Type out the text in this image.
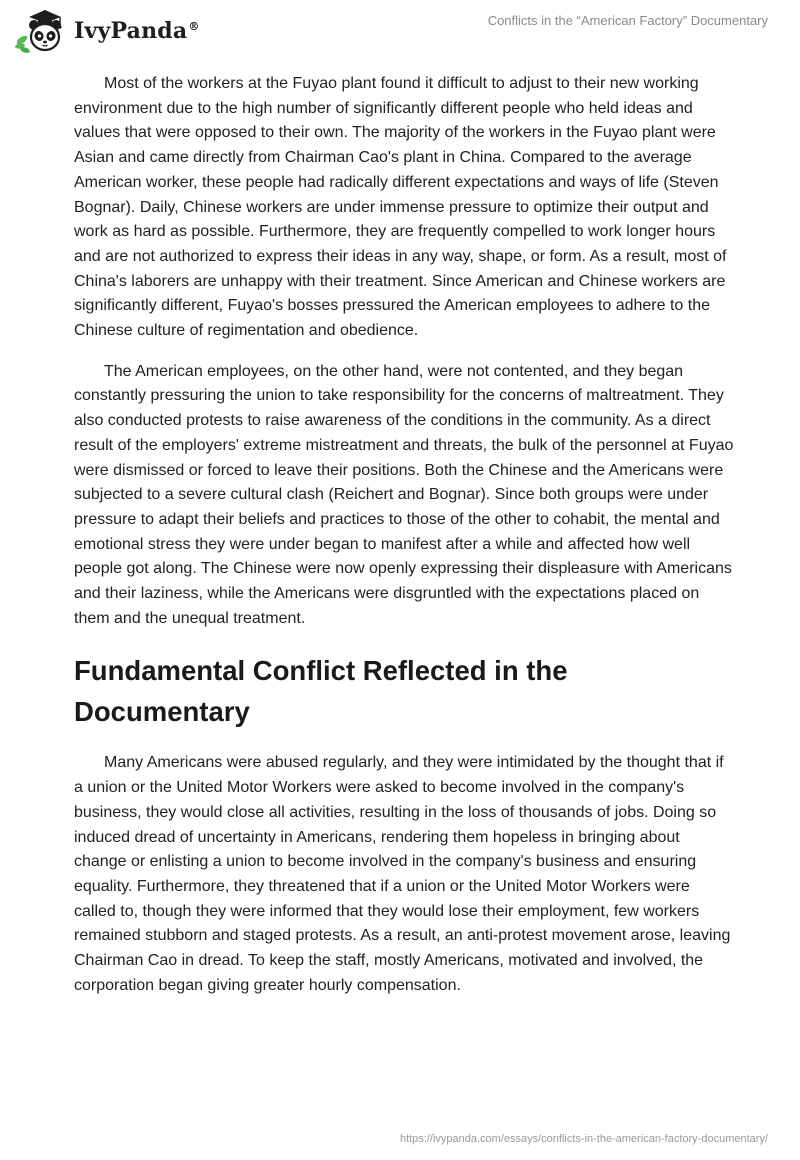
IvyPanda®	Conflicts in the “American Factory” Documentary

Most of the workers at the Fuyao plant found it difficult to adjust to their new working environment due to the high number of significantly different people who held ideas and values that were opposed to their own. The majority of the workers in the Fuyao plant were Asian and came directly from Chairman Cao's plant in China. Compared to the average American worker, these people had radically different expectations and ways of life (Steven Bognar). Daily, Chinese workers are under immense pressure to optimize their output and work as hard as possible. Furthermore, they are frequently compelled to work longer hours and are not authorized to express their ideas in any way, shape, or form. As a result, most of China's laborers are unhappy with their treatment. Since American and Chinese workers are significantly different, Fuyao's bosses pressured the American employees to adhere to the Chinese culture of regimentation and obedience.

The American employees, on the other hand, were not contented, and they began constantly pressuring the union to take responsibility for the concerns of maltreatment. They also conducted protests to raise awareness of the conditions in the community. As a direct result of the employers' extreme mistreatment and threats, the bulk of the personnel at Fuyao were dismissed or forced to leave their positions. Both the Chinese and the Americans were subjected to a severe cultural clash (Reichert and Bognar). Since both groups were under pressure to adapt their beliefs and practices to those of the other to cohabit, the mental and emotional stress they were under began to manifest after a while and affected how well people got along. The Chinese were now openly expressing their displeasure with Americans and their laziness, while the Americans were disgruntled with the expectations placed on them and the unequal treatment.

Fundamental Conflict Reflected in the Documentary

Many Americans were abused regularly, and they were intimidated by the thought that if a union or the United Motor Workers were asked to become involved in the company's business, they would close all activities, resulting in the loss of thousands of jobs. Doing so induced dread of uncertainty in Americans, rendering them hopeless in bringing about change or enlisting a union to become involved in the company's business and ensuring equality. Furthermore, they threatened that if a union or the United Motor Workers were called to, though they were informed that they would lose their employment, few workers remained stubborn and staged protests. As a result, an anti-protest movement arose, leaving Chairman Cao in dread. To keep the staff, mostly Americans, motivated and involved, the corporation began giving greater hourly compensation.

https://ivypanda.com/essays/conflicts-in-the-american-factory-documentary/
